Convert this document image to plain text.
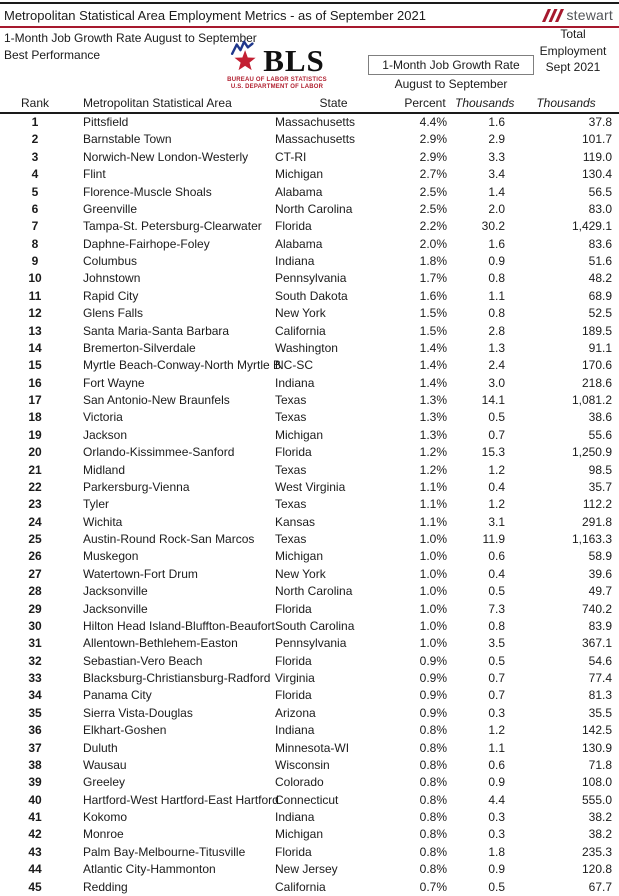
Metropolitan Statistical Area Employment Metrics - as of September 2021	stewart
1-Month Job Growth Rate August to September
Best Performance	BLS
BUREAU OF LABOR STATISTICS
U.S. DEPARTMENT OF LABOR
1-Month Job Growth Rate
August to September
Total
Employment
Sept 2021
Rank	Metropolitan Statistical Area	State	Percent	Thousands	Thousands
1	Pittsfield	Massachusetts	4.4%	1.6	37.8
2	Barnstable Town	Massachusetts	2.9%	2.9	101.7
3	Norwich-New London-Westerly	CT-RI	2.9%	3.3	119.0
4	Flint	Michigan	2.7%	3.4	130.4
5	Florence-Muscle Shoals	Alabama	2.5%	1.4	56.5
6	Greenville	North Carolina	2.5%	2.0	83.0
7	Tampa-St. Petersburg-Clearwater	Florida	2.2%	30.2	1,429.1
8	Daphne-Fairhope-Foley	Alabama	2.0%	1.6	83.6
9	Columbus	Indiana	1.8%	0.9	51.6
10	Johnstown	Pennsylvania	1.7%	0.8	48.2
11	Rapid City	South Dakota	1.6%	1.1	68.9
12	Glens Falls	New York	1.5%	0.8	52.5
13	Santa Maria-Santa Barbara	California	1.5%	2.8	189.5
14	Bremerton-Silverdale	Washington	1.4%	1.3	91.1
15	Myrtle Beach-Conway-North Myrtle B	NC-SC	1.4%	2.4	170.6
16	Fort Wayne	Indiana	1.4%	3.0	218.6
17	San Antonio-New Braunfels	Texas	1.3%	14.1	1,081.2
18	Victoria	Texas	1.3%	0.5	38.6
19	Jackson	Michigan	1.3%	0.7	55.6
20	Orlando-Kissimmee-Sanford	Florida	1.2%	15.3	1,250.9
21	Midland	Texas	1.2%	1.2	98.5
22	Parkersburg-Vienna	West Virginia	1.1%	0.4	35.7
23	Tyler	Texas	1.1%	1.2	112.2
24	Wichita	Kansas	1.1%	3.1	291.8
25	Austin-Round Rock-San Marcos	Texas	1.0%	11.9	1,163.3
26	Muskegon	Michigan	1.0%	0.6	58.9
27	Watertown-Fort Drum	New York	1.0%	0.4	39.6
28	Jacksonville	North Carolina	1.0%	0.5	49.7
29	Jacksonville	Florida	1.0%	7.3	740.2
30	Hilton Head Island-Bluffton-Beaufort	South Carolina	1.0%	0.8	83.9
31	Allentown-Bethlehem-Easton	Pennsylvania	1.0%	3.5	367.1
32	Sebastian-Vero Beach	Florida	0.9%	0.5	54.6
33	Blacksburg-Christiansburg-Radford	Virginia	0.9%	0.7	77.4
34	Panama City	Florida	0.9%	0.7	81.3
35	Sierra Vista-Douglas	Arizona	0.9%	0.3	35.5
36	Elkhart-Goshen	Indiana	0.8%	1.2	142.5
37	Duluth	Minnesota-WI	0.8%	1.1	130.9
38	Wausau	Wisconsin	0.8%	0.6	71.8
39	Greeley	Colorado	0.8%	0.9	108.0
40	Hartford-West Hartford-East Hartford	Connecticut	0.8%	4.4	555.0
41	Kokomo	Indiana	0.8%	0.3	38.2
42	Monroe	Michigan	0.8%	0.3	38.2
43	Palm Bay-Melbourne-Titusville	Florida	0.8%	1.8	235.3
44	Atlantic City-Hammonton	New Jersey	0.8%	0.9	120.8
45	Redding	California	0.7%	0.5	67.7
